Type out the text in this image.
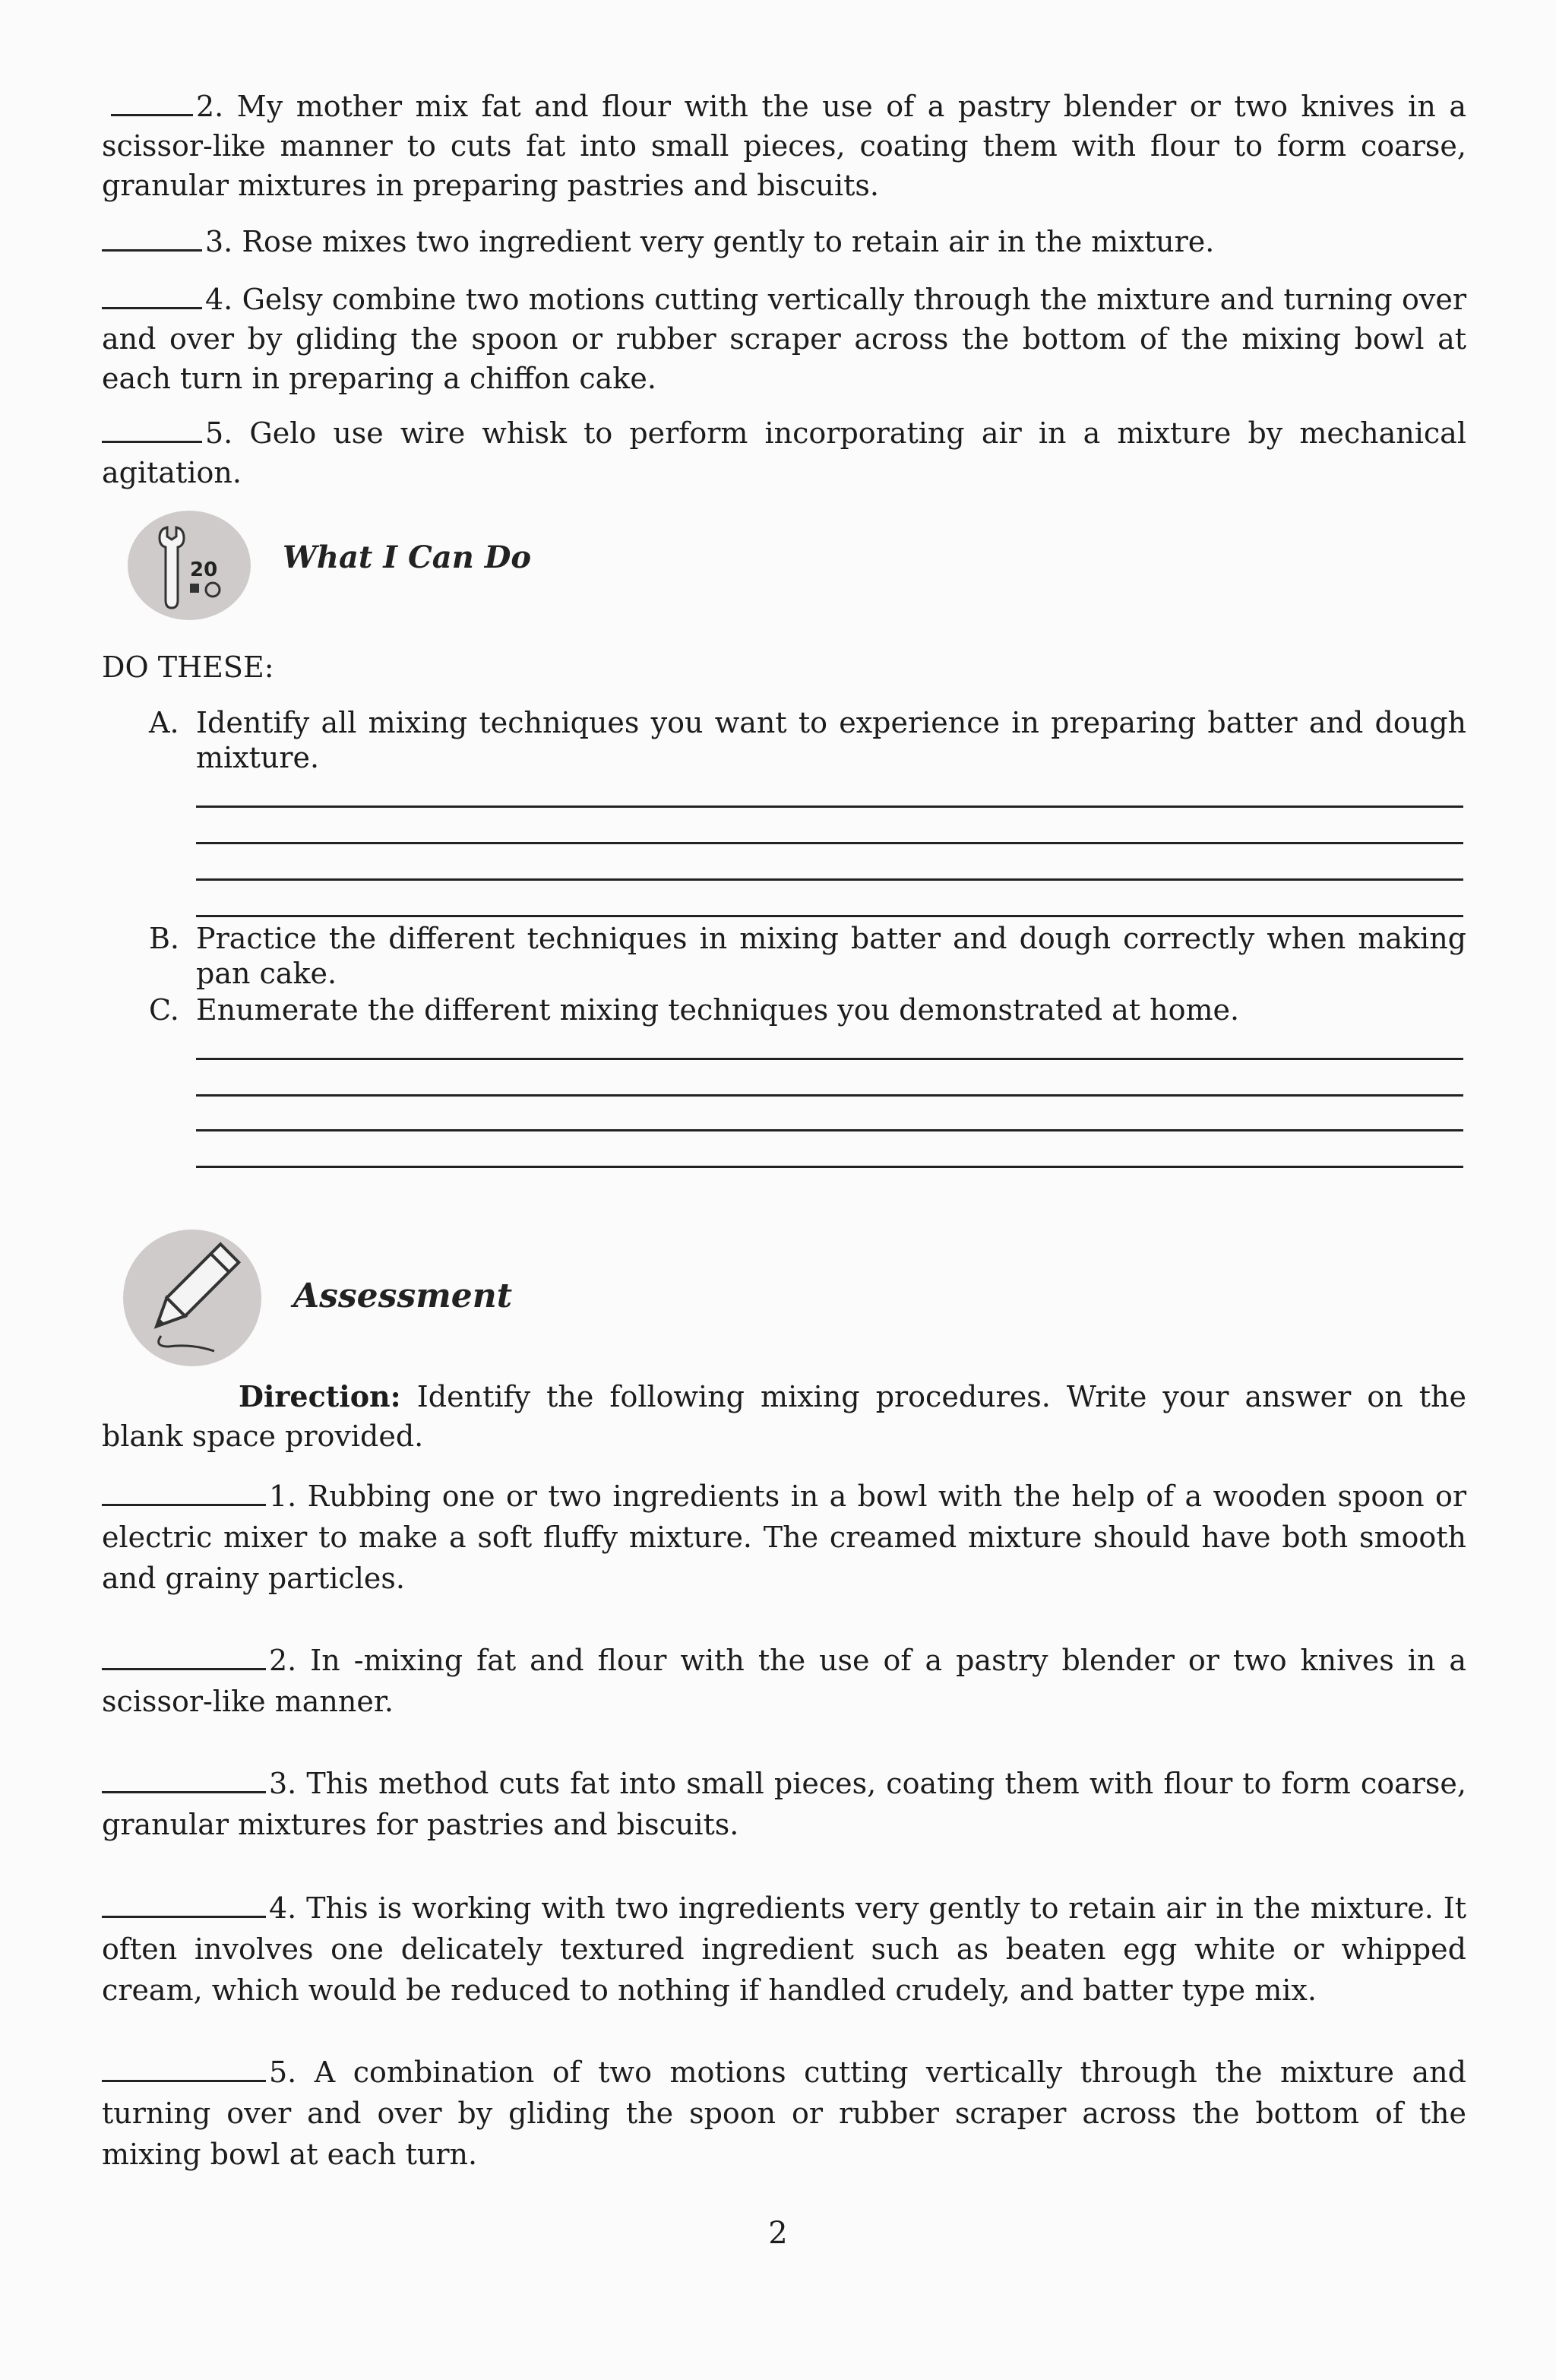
2. My mother mix fat and flour with the use of a pastry blender or two knives in a scissor-like manner to cuts fat into small pieces, coating them with flour to form coarse, granular mixtures in preparing pastries and biscuits.
3. Rose mixes two ingredient very gently to retain air in the mixture.
4. Gelsy combine two motions cutting vertically through the mixture and turning over and over by gliding the spoon or rubber scraper across the bottom of the mixing bowl at each turn in preparing a chiffon cake.
5. Gelo use wire whisk to perform incorporating air in a mixture by mechanical agitation.
20 What I Can Do
DO THESE:
A. Identify all mixing techniques you want to experience in preparing batter and dough mixture.
B. Practice the different techniques in mixing batter and dough correctly when making pan cake.
C. Enumerate the different mixing techniques you demonstrated at home.
Assessment
Direction: Identify the following mixing procedures. Write your answer on the blank space provided.
1. Rubbing one or two ingredients in a bowl with the help of a wooden spoon or electric mixer to make a soft fluffy mixture. The creamed mixture should have both smooth and grainy particles.
2. In -mixing fat and flour with the use of a pastry blender or two knives in a scissor-like manner.
3. This method cuts fat into small pieces, coating them with flour to form coarse, granular mixtures for pastries and biscuits.
4. This is working with two ingredients very gently to retain air in the mixture. It often involves one delicately textured ingredient such as beaten egg white or whipped cream, which would be reduced to nothing if handled crudely, and batter type mix.
5. A combination of two motions cutting vertically through the mixture and turning over and over by gliding the spoon or rubber scraper across the bottom of the mixing bowl at each turn.
2
